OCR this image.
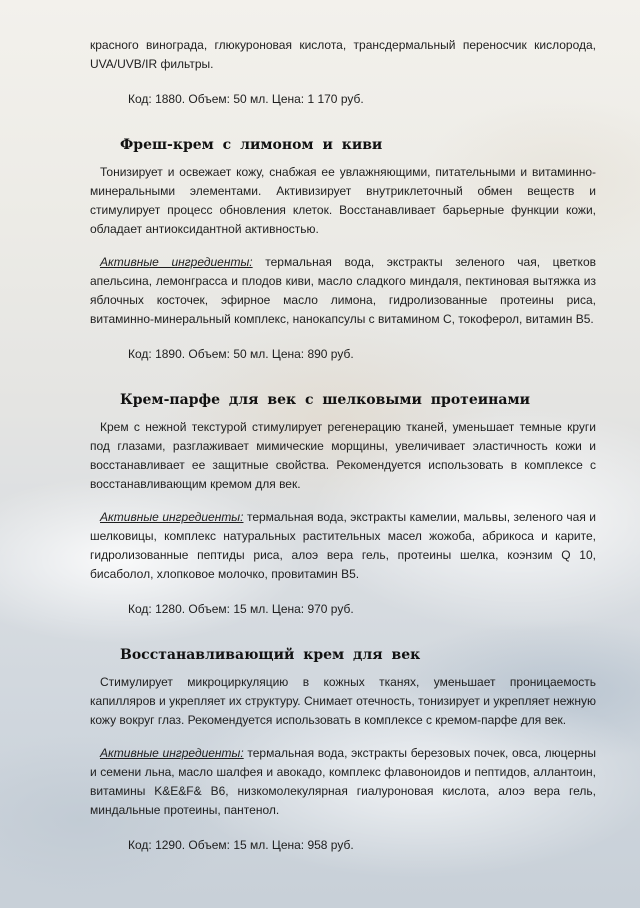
красного винограда, глюкуроновая кислота, трансдермальный переносчик кислорода, UVA/UVB/IR фильтры.

Код: 1880. Объем: 50 мл. Цена: 1 170 руб.

Фреш-крем с лимоном и киви

Тонизирует и освежает кожу, снабжая ее увлажняющими, питательными и витаминно-минеральными элементами. Активизирует внутриклеточный обмен веществ и стимулирует процесс обновления клеток. Восстанавливает барьерные функции кожи, обладает антиоксидантной активностью.

Активные ингредиенты: термальная вода, экстракты зеленого чая, цветков апельсина, лемонграсса и плодов киви, масло сладкого миндаля, пектиновая вытяжка из яблочных косточек, эфирное масло лимона, гидролизованные протеины риса, витаминно-минеральный комплекс, нанокапсулы с витамином С, токоферол, витамин В5.

Код: 1890. Объем: 50 мл. Цена: 890 руб.

Крем-парфе для век с шелковыми протеинами

Крем с нежной текстурой стимулирует регенерацию тканей, уменьшает темные круги под глазами, разглаживает мимические морщины, увеличивает эластичность кожи и восстанавливает ее защитные свойства. Рекомендуется использовать в комплексе с восстанавливающим кремом для век.

Активные ингредиенты: термальная вода, экстракты камелии, мальвы, зеленого чая и шелковицы, комплекс натуральных растительных масел жожоба, абрикоса и карите, гидролизованные пептиды риса, алоэ вера гель, протеины шелка, коэнзим Q 10, бисаболол, хлопковое молочко, провитамин В5.

Код: 1280. Объем: 15 мл. Цена: 970 руб.

Восстанавливающий крем для век

Стимулирует микроциркуляцию в кожных тканях, уменьшает проницаемость капилляров и укрепляет их структуру. Снимает отечность, тонизирует и укрепляет нежную кожу вокруг глаз. Рекомендуется использовать в комплексе с кремом-парфе для век.

Активные ингредиенты: термальная вода, экстракты березовых почек, овса, люцерны и семени льна, масло шалфея и авокадо, комплекс флавоноидов и пептидов, аллантоин, витамины K&E&F& B6, низкомолекулярная гиалуроновая кислота, алоэ вера гель, миндальные протеины, пантенол.

Код: 1290. Объем: 15 мл. Цена: 958 руб.
